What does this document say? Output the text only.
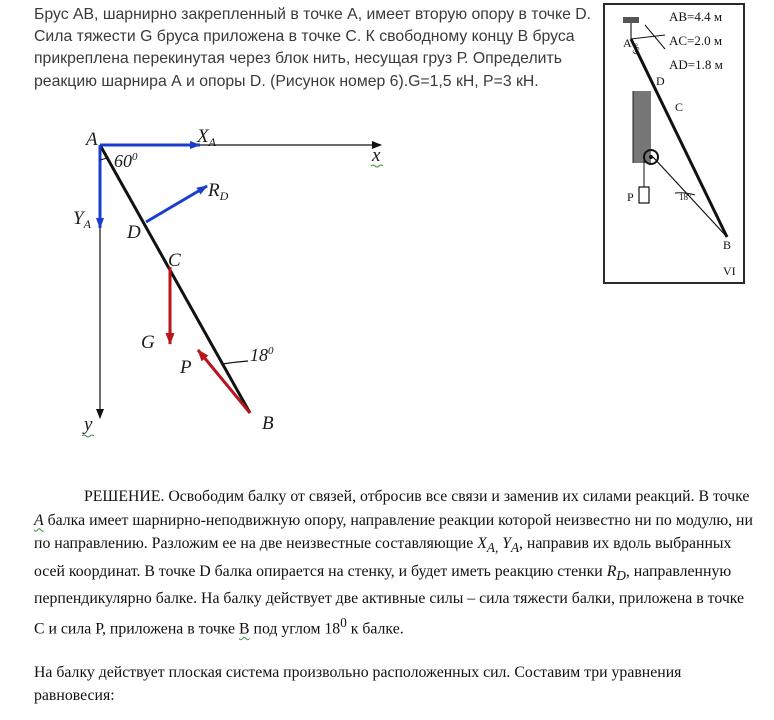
Брус АВ, шарнирно закрепленный в точке А, имеет вторую опору в точке D. Сила тяжести G бруса приложена в точке С. К свободному концу В бруса прикреплена перекинутая через блок нить, несущая груз Р. Определить реакцию шарнира А и опоры D. (Рисунок номер 6).G=1,5 кН, Р=3 кН.
A	$X_A$
x
$60^0$
$Y_A$ D
$R_D$
C
G
P
$18^0$
y	B
AB=4.4 м
AC=2.0 м
AD=1.8 м
A
60°
D
C
P	18°
B
VI

РЕШЕНИЕ. Освободим балку от связей, отбросив все связи и заменив их силами реакций. В точке А балка имеет шарнирно-неподвижную опору, направление реакции которой неизвестно ни по модулю, ни по направлению. Разложим ее на две неизвестные составляющие $X_{A,}$ $Y_A$, направив их вдоль выбранных осей координат. В точке D балка опирается на стенку, и будет иметь реакцию стенки $R_D$, направленную перпендикулярно балке. На балку действует две активные силы – сила тяжести балки, приложена в точке С и сила Р, приложена в точке В под углом $18^0$ к балке.

На балку действует плоская система произвольно расположенных сил. Составим три уравнения равновесия:
